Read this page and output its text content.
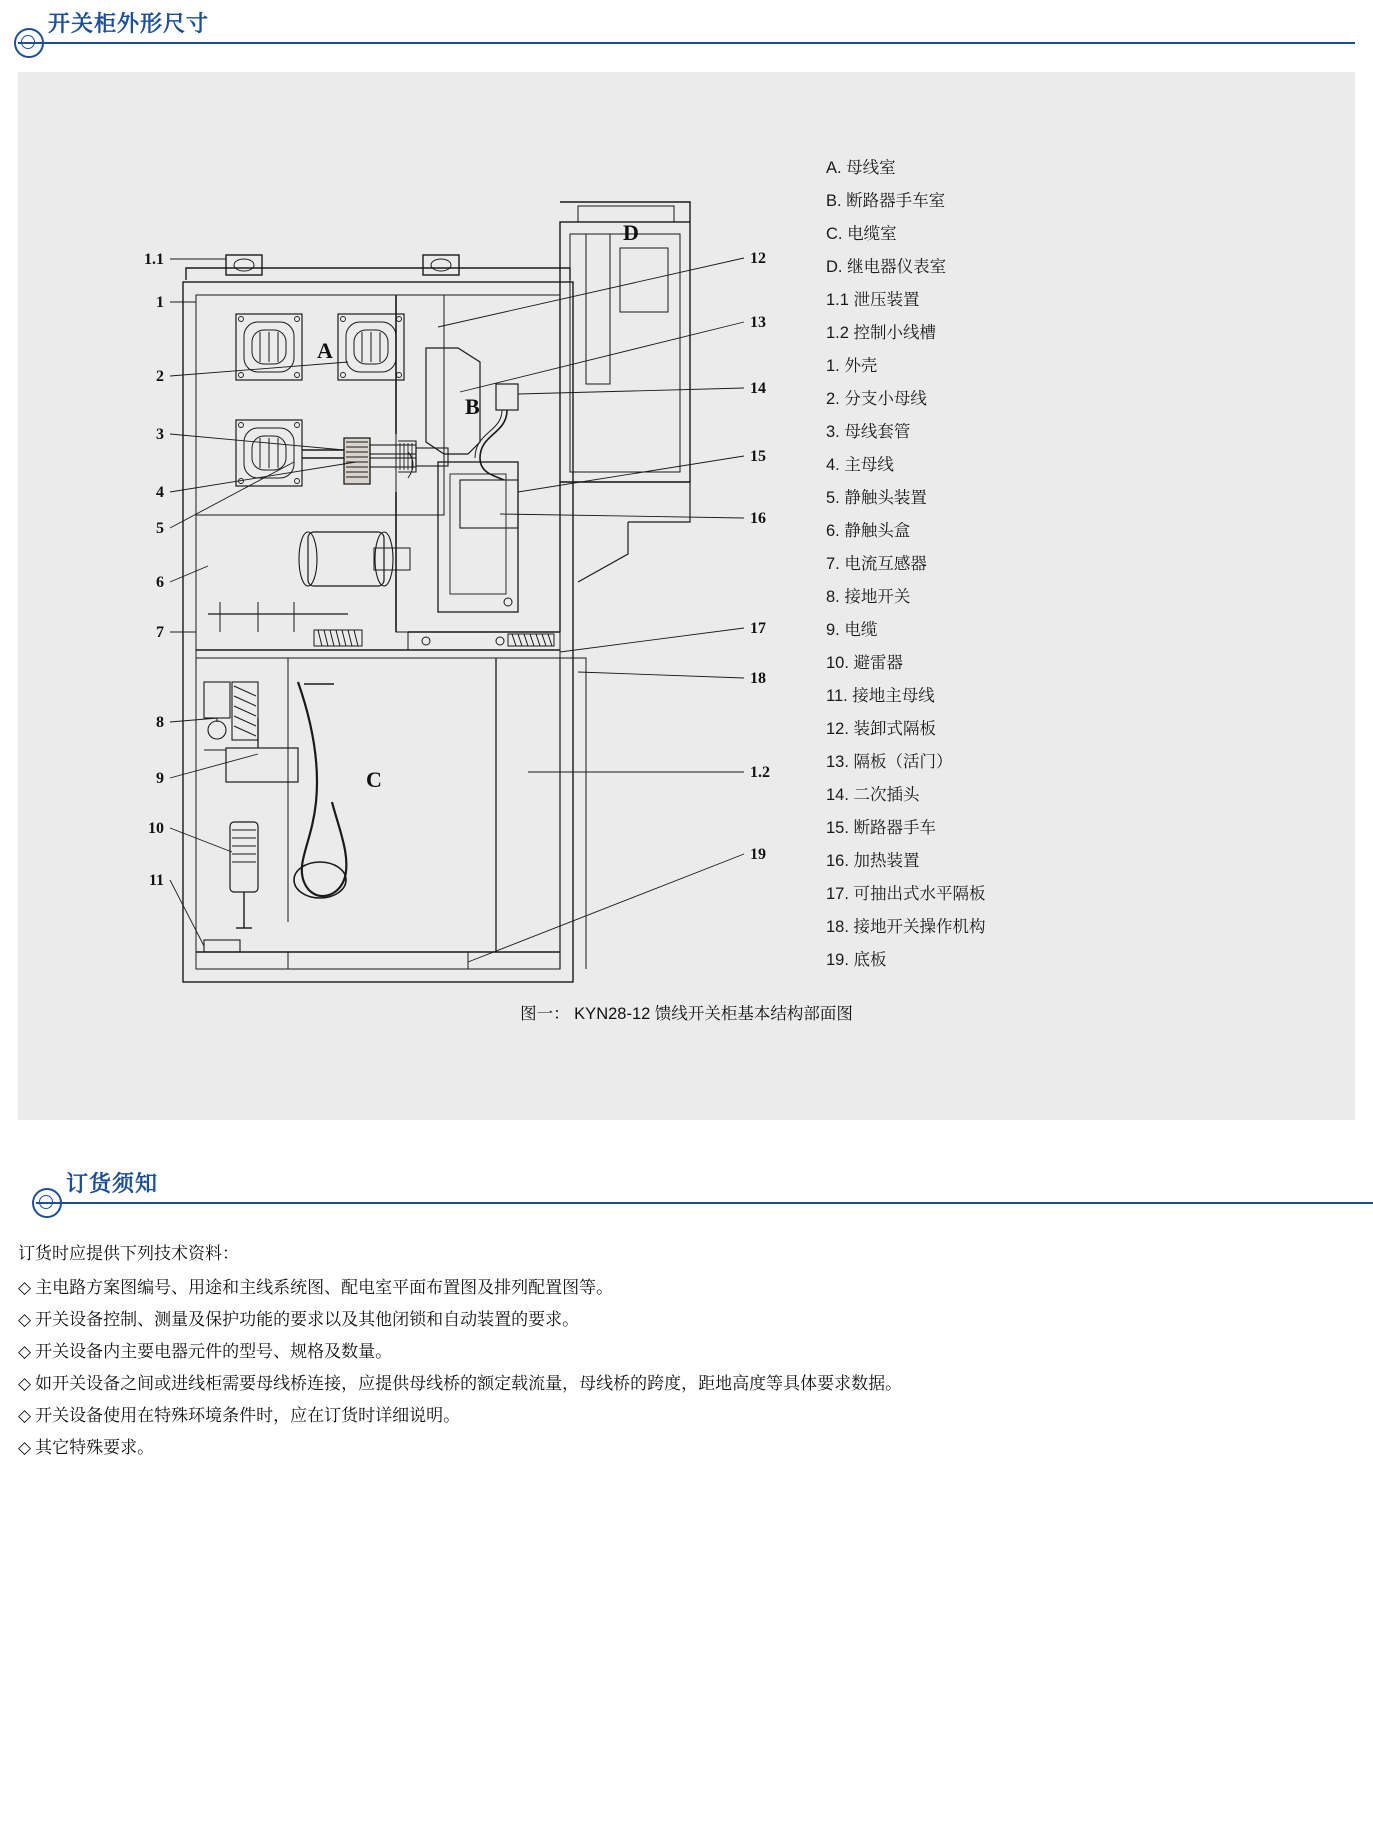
开关柜外形尺寸
A
B
C
D
1.1
1
2
3
4
5
6
7
8
9
10
11
12
13
14
15
16
17
18
1.2
19
A. 母线室
B. 断路器手车室
C. 电缆室
D. 继电器仪表室
1.1 泄压装置
1.2 控制小线槽
1. 外壳
2. 分支小母线
3. 母线套管
4. 主母线
5. 静触头装置
6. 静触头盒
7. 电流互感器
8. 接地开关
9. 电缆
10. 避雷器
11. 接地主母线
12. 装卸式隔板
13. 隔板（活门）
14. 二次插头
15. 断路器手车
16. 加热装置
17. 可抽出式水平隔板
18. 接地开关操作机构
19. 底板
图一： KYN28-12 馈线开关柜基本结构部面图
订货须知
订货时应提供下列技术资料：
◇ 主电路方案图编号、用途和主线系统图、配电室平面布置图及排列配置图等。
◇ 开关设备控制、测量及保护功能的要求以及其他闭锁和自动装置的要求。
◇ 开关设备内主要电器元件的型号、规格及数量。
◇ 如开关设备之间或进线柜需要母线桥连接，应提供母线桥的额定载流量，母线桥的跨度，距地高度等具体要求数据。
◇ 开关设备使用在特殊环境条件时，应在订货时详细说明。
◇ 其它特殊要求。
